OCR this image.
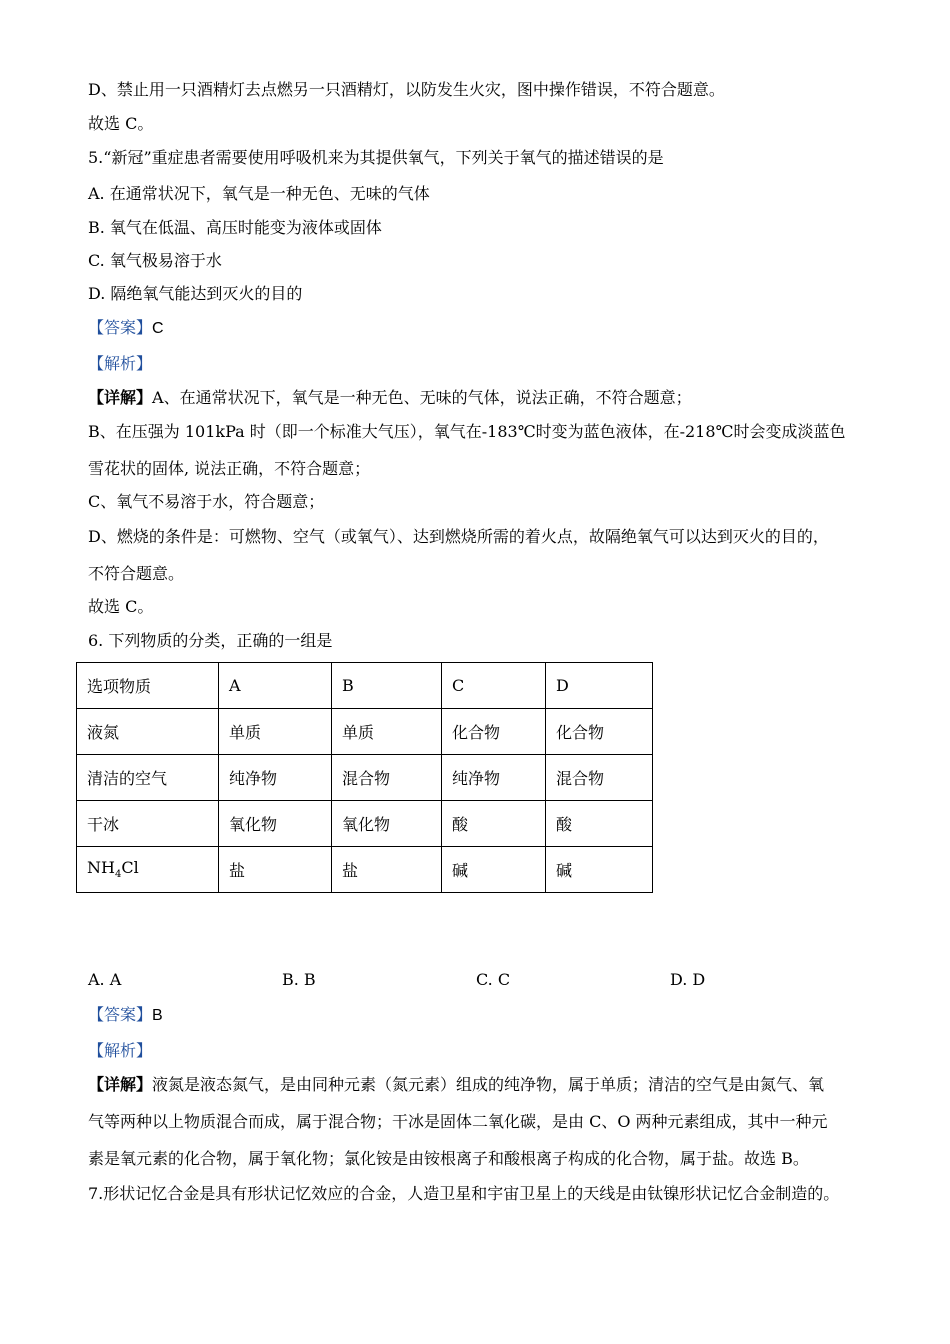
D、禁止用一只酒精灯去点燃另一只酒精灯，以防发生火灾，图中操作错误，不符合题意。
故选 C。
5.“新冠”重症患者需要使用呼吸机来为其提供氧气，下列关于氧气的描述错误的是
A. 在通常状况下，氧气是一种无色、无味的气体
B. 氧气在低温、高压时能变为液体或固体
C. 氧气极易溶于水
D. 隔绝氧气能达到灭火的目的
【答案】C
【解析】
【详解】A、在通常状况下，氧气是一种无色、无味的气体，说法正确，不符合题意；
B、在压强为 101kPa 时（即一个标准大气压），氧气在-183℃时变为蓝色液体，在-218℃时会变成淡蓝色
雪花状的固体, 说法正确，不符合题意；
C、氧气不易溶于水，符合题意；
D、燃烧的条件是：可燃物、空气（或氧气）、达到燃烧所需的着火点，故隔绝氧气可以达到灭火的目的，
不符合题意。
故选 C。
6. 下列物质的分类，正确的一组是
选项物质	A	B	C	D
液氮	单质	单质	化合物	化合物
清洁的空气	纯净物	混合物	纯净物	混合物
干冰	氧化物	氧化物	酸	酸
$NH_4Cl$	盐	盐	碱	碱
A. A	B. B	C. C	D. D
【答案】B
【解析】
【详解】液氮是液态氮气，是由同种元素（氮元素）组成的纯净物，属于单质；清洁的空气是由氮气、氧
气等两种以上物质混合而成，属于混合物；干冰是固体二氧化碳，是由 C、O 两种元素组成，其中一种元
素是氧元素的化合物，属于氧化物；氯化铵是由铵根离子和酸根离子构成的化合物，属于盐。故选 B。
7.形状记忆合金是具有形状记忆效应的合金，人造卫星和宇宙卫星上的天线是由钛镍形状记忆合金制造的。
